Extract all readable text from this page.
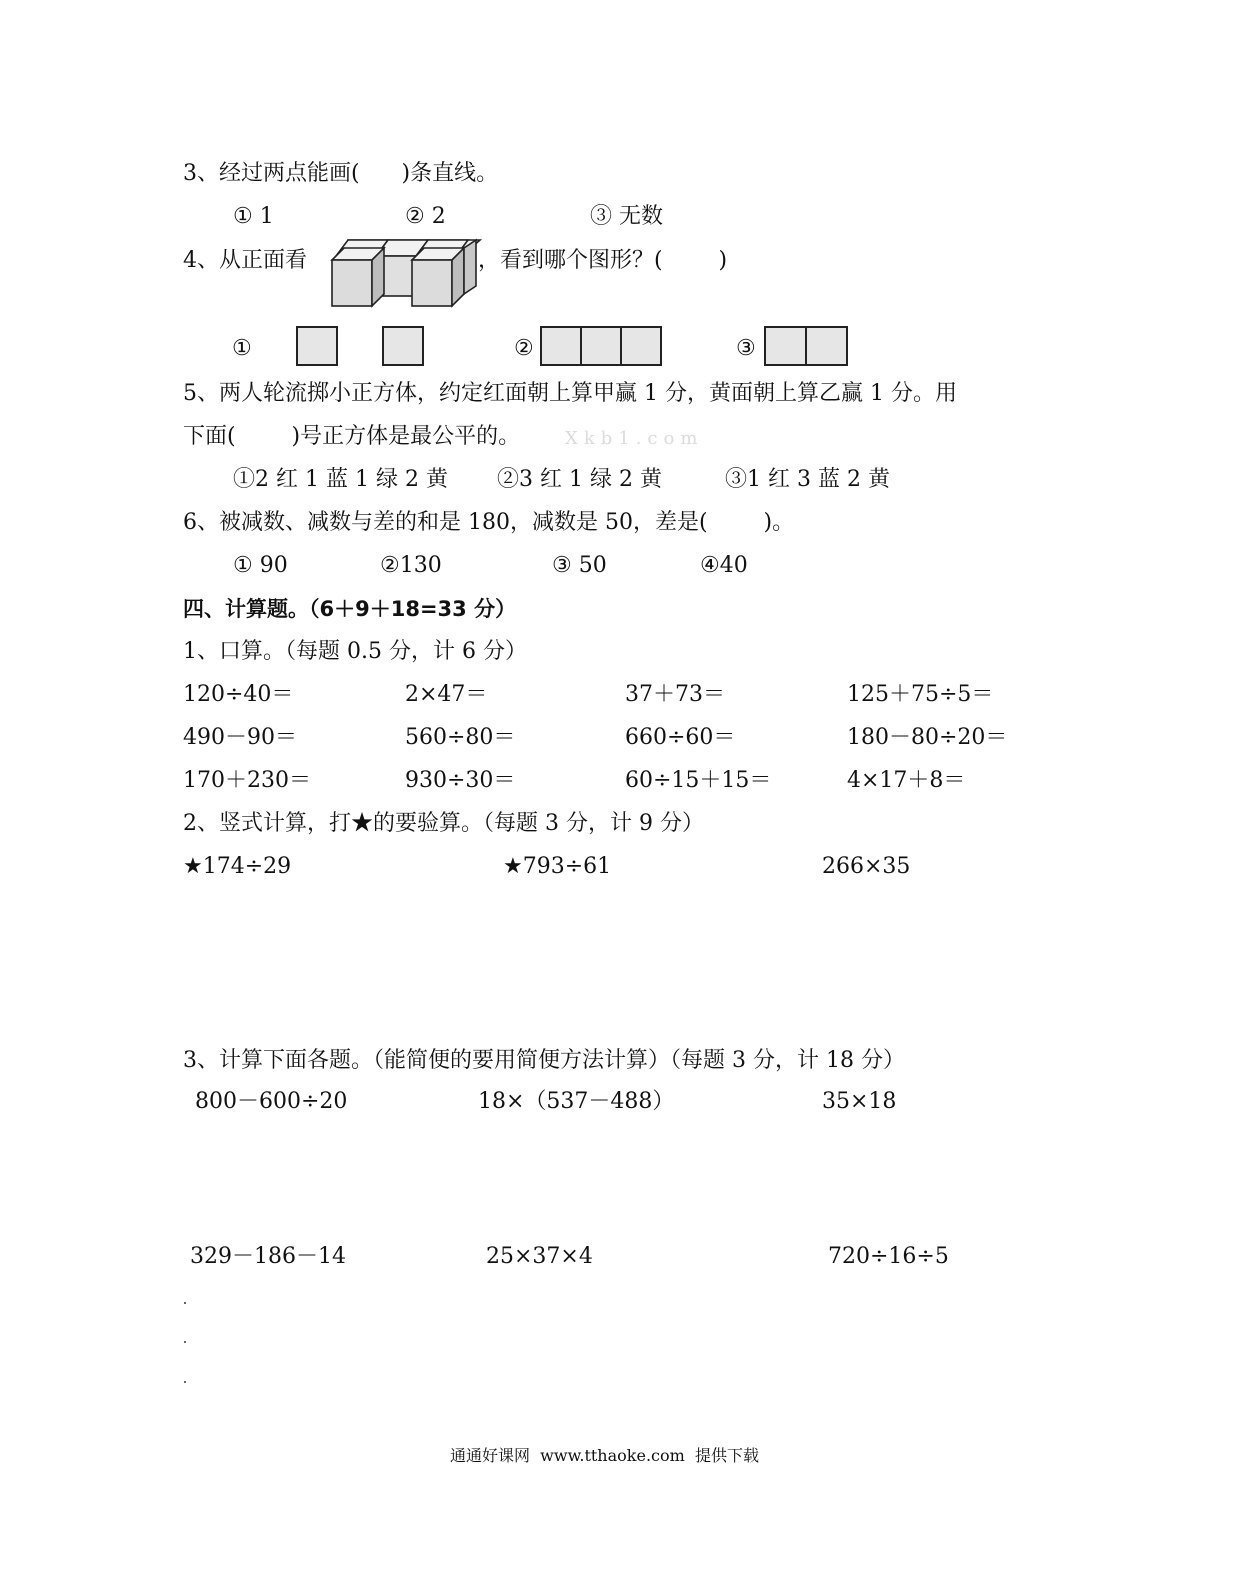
3、经过两点能画(      )条直线。
① 1	② 2	③ 无数
4、从正面看	，看到哪个图形？(        )
①	②	③
5、两人轮流掷小正方体，约定红面朝上算甲赢 1 分，黄面朝上算乙赢 1 分。用
下面(        )号正方体是最公平的。 Xkb1.com
①2 红 1 蓝 1 绿 2 黄 ②3 红 1 绿 2 黄	③1 红 3 蓝 2 黄
6、被减数、减数与差的和是 180，减数是 50，差是(        )。
① 90	②130	③ 50	④40
四、计算题。（6＋9＋18=33 分）
1、口算。（每题 0.5 分，计 6 分）
120÷40＝	2×47＝	37＋73＝	125＋75÷5＝
490－90＝	560÷80＝	660÷60＝	180－80÷20＝
170＋230＝	930÷30＝	60÷15＋15＝	4×17＋8＝
2、竖式计算，打★的要验算。（每题 3 分，计 9 分）
★174÷29	★793÷61	266×35
3、计算下面各题。（能简便的要用简便方法计算）（每题 3 分，计 18 分）
800－600÷20	18×（537－488）	35×18
329－186－14	25×37×4	720÷16÷5
通通好课网  www.tthaoke.com  提供下载
